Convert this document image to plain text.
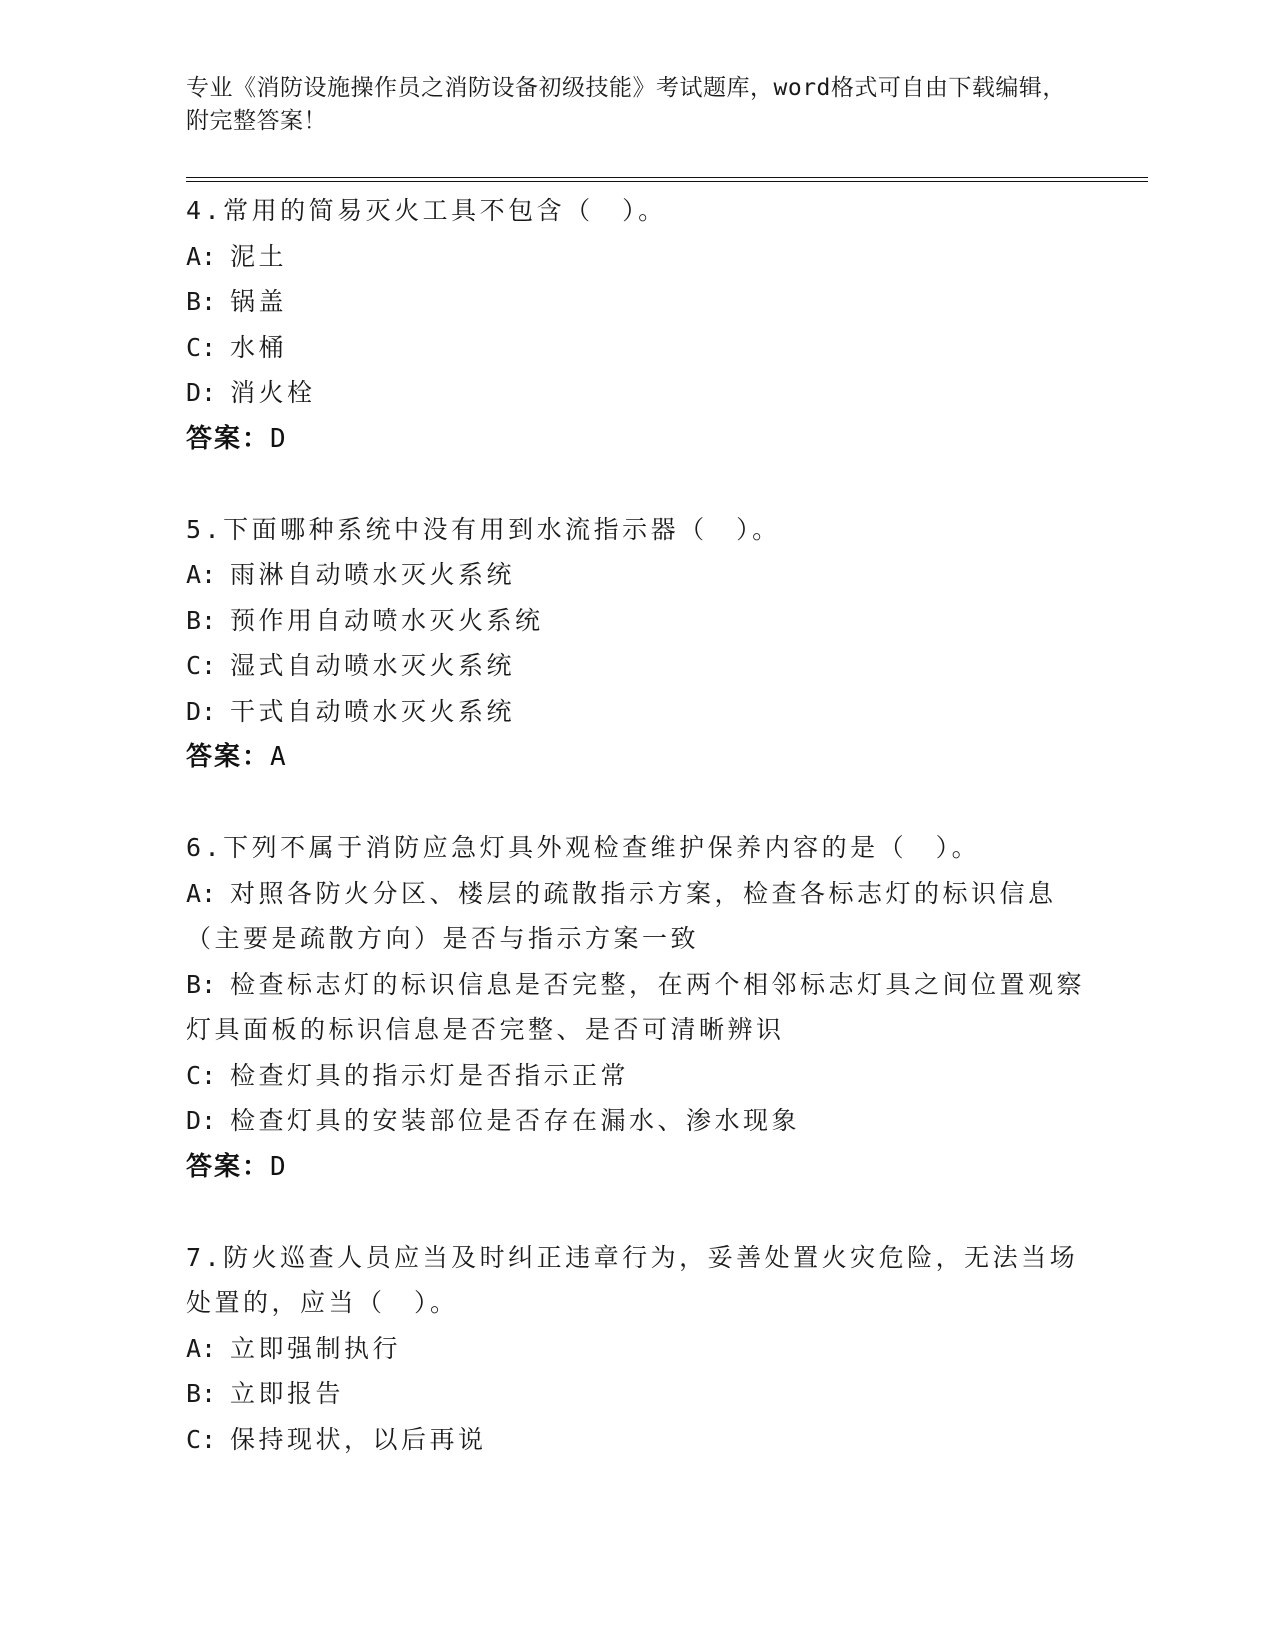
专业《消防设施操作员之消防设备初级技能》考试题库，word格式可自由下载编辑，附完整答案！
4.常用的简易灭火工具不包含（　）。
A: 泥土
B: 锅盖
C: 水桶
D: 消火栓
答案：D
5.下面哪种系统中没有用到水流指示器（　）。
A: 雨淋自动喷水灭火系统
B: 预作用自动喷水灭火系统
C: 湿式自动喷水灭火系统
D: 干式自动喷水灭火系统
答案：A
6.下列不属于消防应急灯具外观检查维护保养内容的是（　）。
A: 对照各防火分区、楼层的疏散指示方案，检查各标志灯的标识信息（主要是疏散方向）是否与指示方案一致
B: 检查标志灯的标识信息是否完整，在两个相邻标志灯具之间位置观察灯具面板的标识信息是否完整、是否可清晰辨识
C: 检查灯具的指示灯是否指示正常
D: 检查灯具的安装部位是否存在漏水、渗水现象
答案：D
7.防火巡查人员应当及时纠正违章行为，妥善处置火灾危险，无法当场处置的，应当（　）。
A: 立即强制执行
B: 立即报告
C: 保持现状，以后再说
